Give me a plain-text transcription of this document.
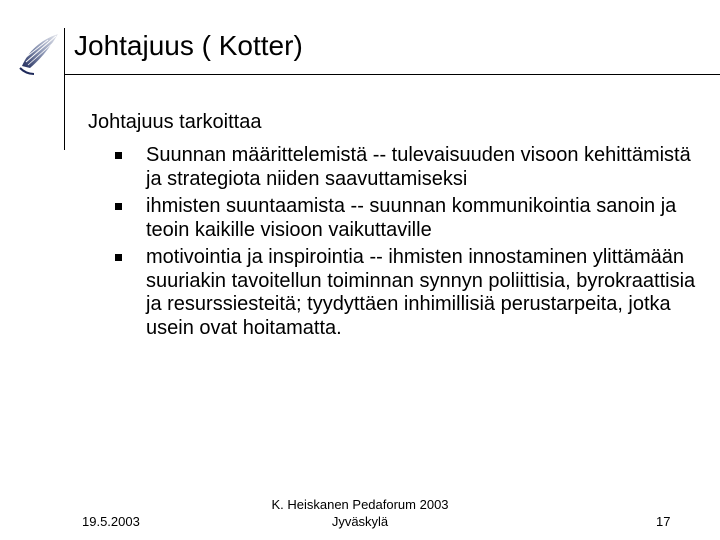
Johtajuus ( Kotter)
Johtajuus tarkoittaa
Suunnan määrittelemistä -- tulevaisuuden visoon kehittämistä ja strategiota niiden saavuttamiseksi
ihmisten suuntaamista -- suunnan kommunikointia sanoin ja teoin kaikille visioon vaikuttaville
motivointia ja inspirointia -- ihmisten innostaminen ylittämään suuriakin tavoitellun toiminnan synnyn poliittisia, byrokraattisia ja resurssiesteitä; tyydyttäen inhimillisiä perustarpeita, jotka usein ovat hoitamatta.
19.5.2003
K. Heiskanen Pedaforum 2003
Jyväskylä	17
